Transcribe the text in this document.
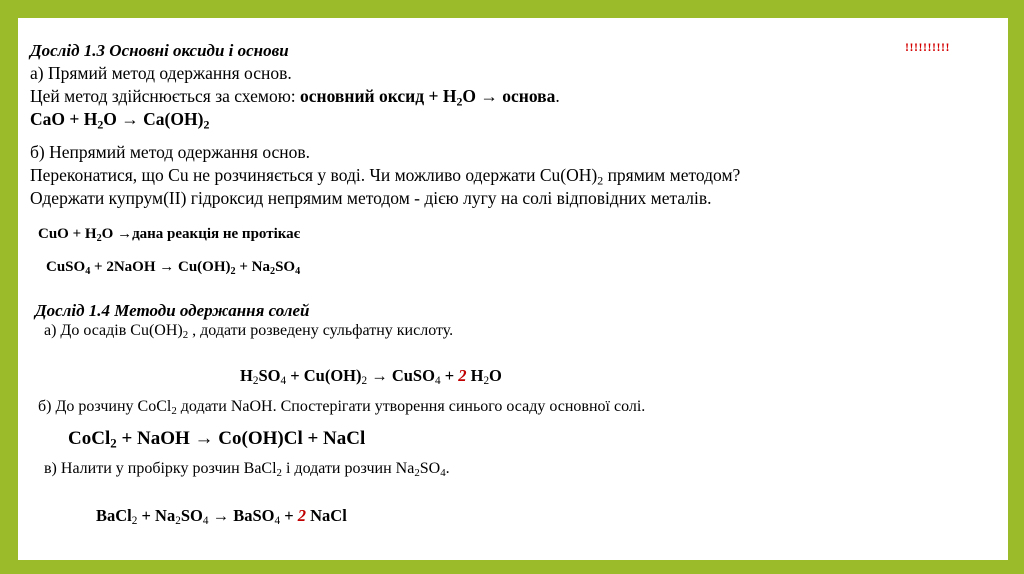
!!!!!!!!!!
Дослід 1.3 Основні оксиди і основи
а) Прямий метод одержання основ.
Цей метод здійснюється за схемою: основний оксид + $H_2O$ → основа.
CaO + $H_2O \to Ca(OH)_2$
б) Непрямий метод одержання основ.
Переконатися, що Cu не розчиняється у воді. Чи можливо одержати $Cu(OH)_2$ прямим методом?
Одержати купрум(II) гідроксид непрямим методом - дією лугу на солі відповідних металів.
CuO + $H_2O$ →дана реакція не протікає
CuSO$_4$ + 2NaOH → $Cu(OH)_2 + Na_2SO_4$
Дослід 1.4 Методи одержання солей
а) До осадів $Cu(OH)_2$ , додати розведену сульфатну кислоту.
$H_2SO_4 + Cu(OH)_2$ → CuSO$_4$ + 2 $H_2O$
б) До розчину CoCl$_2$ додати NaOH. Спостерігати утворення синього осаду основної солі.
CoCl$_2$ + NaOH → Co(OH)Cl + NaCl
в) Налити у пробірку розчин BaCl$_2$ і додати розчин $Na_2SO_4$.
BaCl$_2$ + $Na_2SO_4$ → BaSO$_4$ + 2 NaCl
